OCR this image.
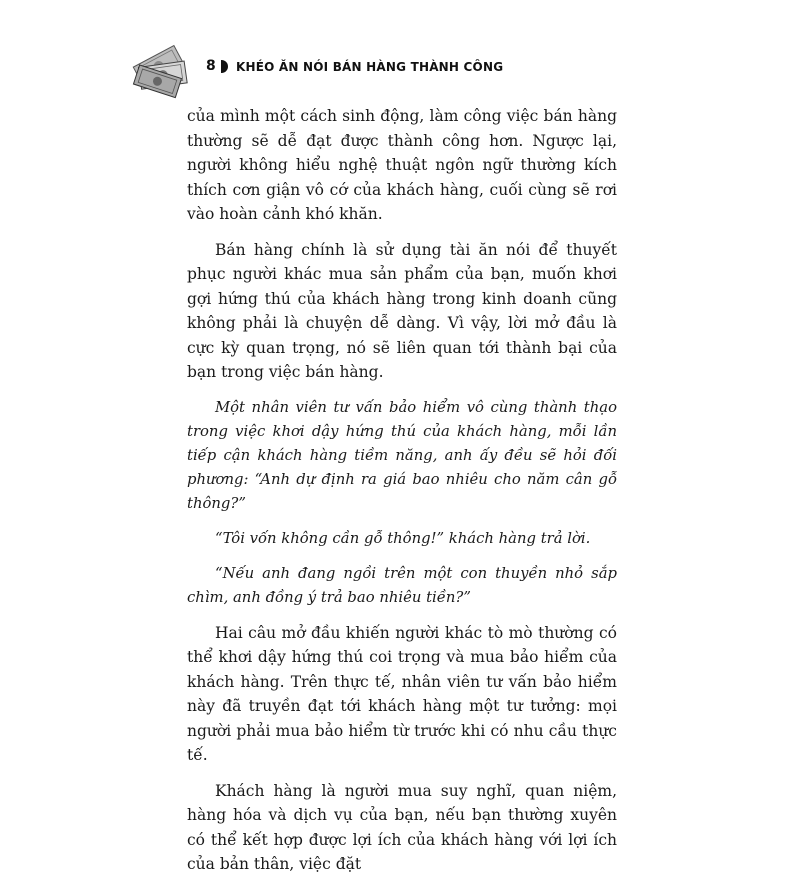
8 KHÉO ĂN NÓI BÁN HÀNG THÀNH CÔNG

của mình một cách sinh động, làm công việc bán hàng thường sẽ dễ đạt được thành công hơn. Ngược lại, người không hiểu nghệ thuật ngôn ngữ thường kích thích cơn giận vô cớ của khách hàng, cuối cùng sẽ rơi vào hoàn cảnh khó khăn.

Bán hàng chính là sử dụng tài ăn nói để thuyết phục người khác mua sản phẩm của bạn, muốn khơi gợi hứng thú của khách hàng trong kinh doanh cũng không phải là chuyện dễ dàng. Vì vậy, lời mở đầu là cực kỳ quan trọng, nó sẽ liên quan tới thành bại của bạn trong việc bán hàng.

Một nhân viên tư vấn bảo hiểm vô cùng thành thạo trong việc khơi dậy hứng thú của khách hàng, mỗi lần tiếp cận khách hàng tiềm năng, anh ấy đều sẽ hỏi đối phương: “Anh dự định ra giá bao nhiêu cho năm cân gỗ thông?”

“Tôi vốn không cần gỗ thông!” khách hàng trả lời.

“Nếu anh đang ngồi trên một con thuyền nhỏ sắp chìm, anh đồng ý trả bao nhiêu tiền?”

Hai câu mở đầu khiến người khác tò mò thường có thể khơi dậy hứng thú coi trọng và mua bảo hiểm của khách hàng. Trên thực tế, nhân viên tư vấn bảo hiểm này đã truyền đạt tới khách hàng một tư tưởng: mọi người phải mua bảo hiểm từ trước khi có nhu cầu thực tế.

Khách hàng là người mua suy nghĩ, quan niệm, hàng hóa và dịch vụ của bạn, nếu bạn thường xuyên có thể kết hợp được lợi ích của khách hàng với lợi ích của bản thân, việc đặt
